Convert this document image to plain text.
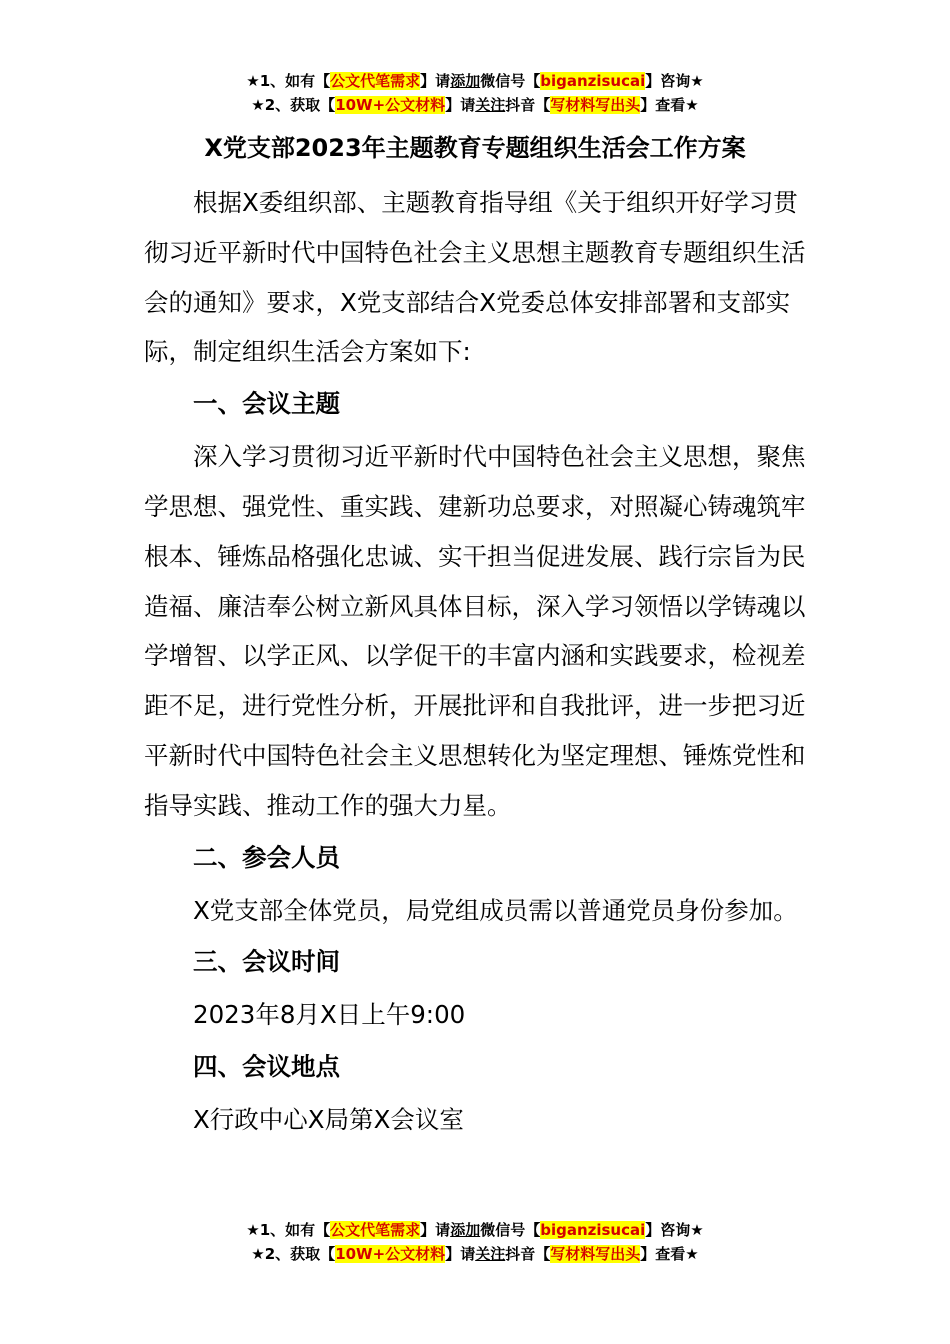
★1、如有【公文代笔需求】请添加微信号【biganzisucai】咨询★
★2、获取【10W+公文材料】请关注抖音【写材料写出头】查看★
X党支部2023年主题教育专题组织生活会工作方案

根据X委组织部、主题教育指导组《关于组织开好学习贯彻习近平新时代中国特色社会主义思想主题教育专题组织生活会的通知》要求，X党支部结合X党委总体安排部署和支部实际，制定组织生活会方案如下:

一、会议主题

深入学习贯彻习近平新时代中国特色社会主义思想，聚焦学思想、强党性、重实践、建新功总要求，对照凝心铸魂筑牢根本、锤炼品格强化忠诚、实干担当促进发展、践行宗旨为民造福、廉洁奉公树立新风具体目标，深入学习领悟以学铸魂以学增智、以学正风、以学促干的丰富内涵和实践要求，检视差距不足，进行党性分析，开展批评和自我批评，进一步把习近平新时代中国特色社会主义思想转化为坚定理想、锤炼党性和指导实践、推动工作的强大力星。

二、参会人员

X党支部全体党员，局党组成员需以普通党员身份参加。

三、会议时间

2023年8月X日上午9:00

四、会议地点

X行政中心X局第X会议室

★1、如有【公文代笔需求】请添加微信号【biganzisucai】咨询★
★2、获取【10W+公文材料】请关注抖音【写材料写出头】查看★
